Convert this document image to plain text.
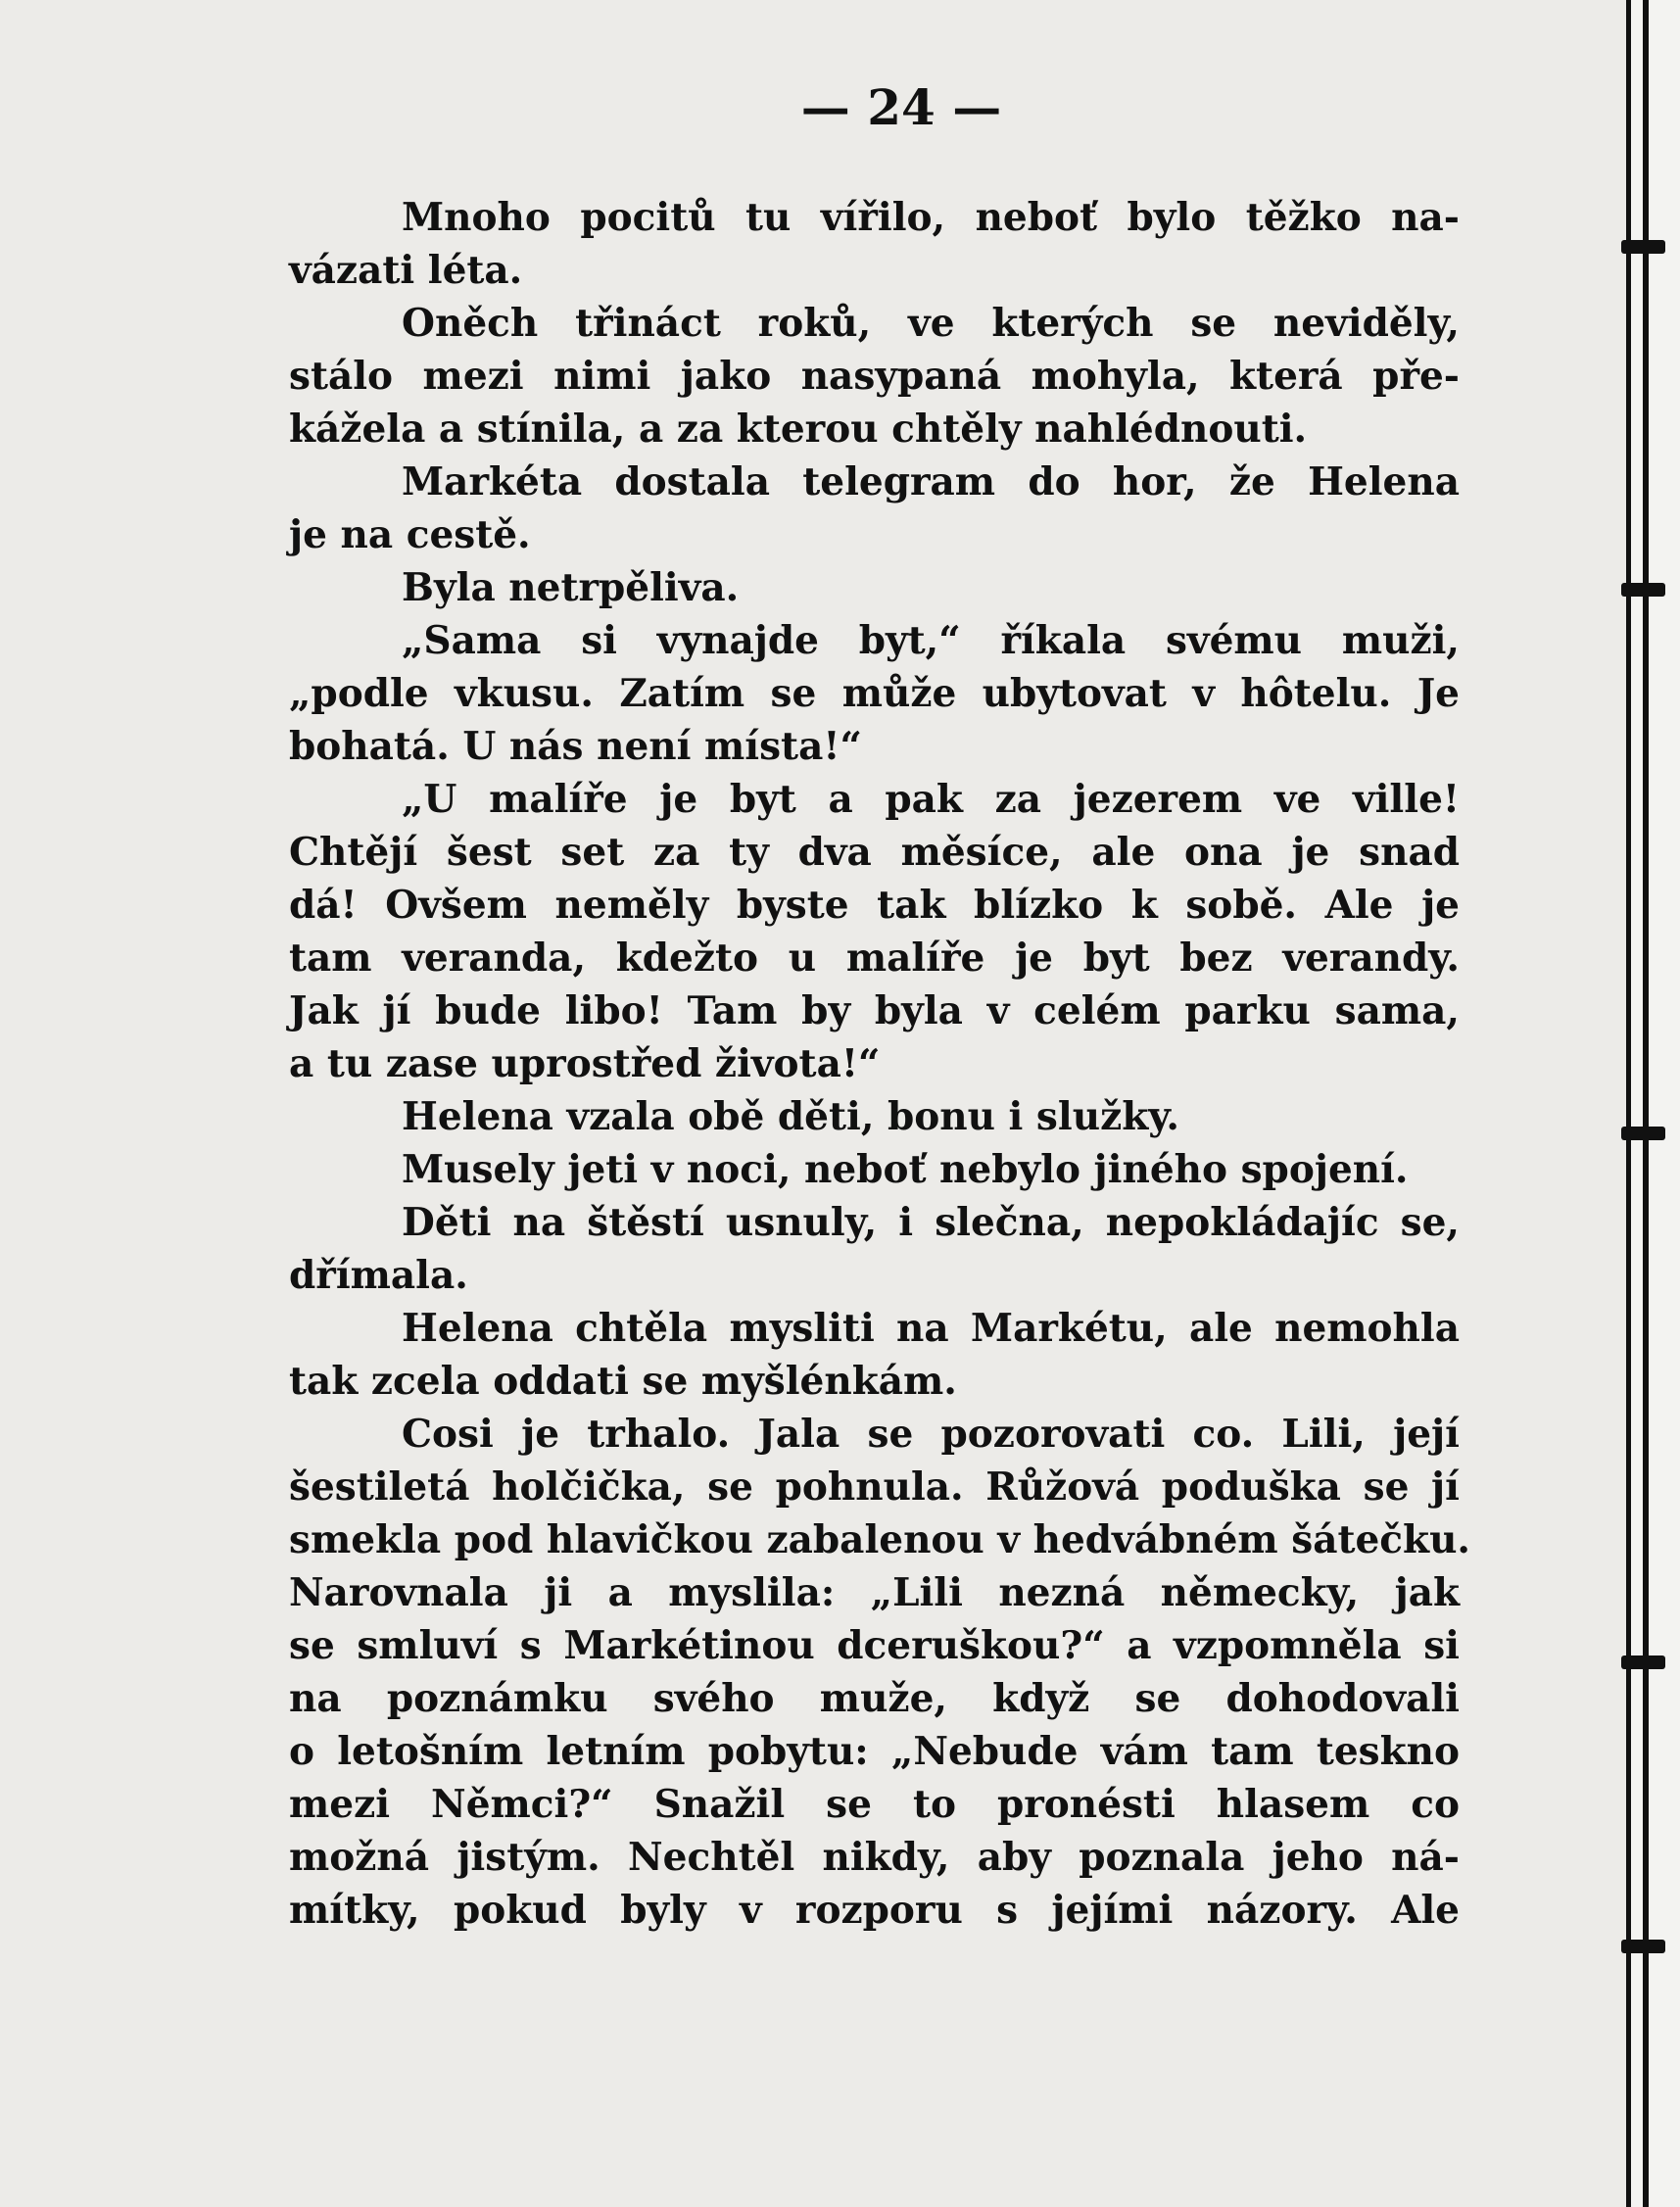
— 24 —
Mnoho pocitů tu vířilo, neboť bylo těžko na-
vázati léta.
Oněch třináct roků, ve kterých se neviděly,
stálo mezi nimi jako nasypaná mohyla, která pře-
kážela a stínila, a za kterou chtěly nahlédnouti.
Markéta dostala telegram do hor, že Helena
je na cestě.
Byla netrpěliva.
„Sama si vynajde byt,“ říkala svému muži,
„podle vkusu. Zatím se může ubytovat v hôtelu. Je
bohatá. U nás není místa!“
„U malíře je byt a pak za jezerem ve ville!
Chtějí šest set za ty dva měsíce, ale ona je snad
dá! Ovšem neměly byste tak blízko k sobě. Ale je
tam veranda, kdežto u malíře je byt bez verandy.
Jak jí bude libo! Tam by byla v celém parku sama,
a tu zase uprostřed života!“
Helena vzala obě děti, bonu i služky.
Musely jeti v noci, neboť nebylo jiného spojení.
Děti na štěstí usnuly, i slečna, nepokládajíc se,
dřímala.
Helena chtěla mysliti na Markétu, ale nemohla
tak zcela oddati se myšlénkám.
Cosi je trhalo. Jala se pozorovati co. Lili, její
šestiletá holčička, se pohnula. Růžová poduška se jí
smekla pod hlavičkou zabalenou v hedvábném šátečku.
Narovnala ji a myslila: „Lili nezná německy, jak
se smluví s Markétinou dceruškou?“ a vzpomněla si
na poznámku svého muže, když se dohodovali
o letošním letním pobytu: „Nebude vám tam teskno
mezi Němci?“ Snažil se to pronésti hlasem co
možná jistým. Nechtěl nikdy, aby poznala jeho ná-
mítky, pokud byly v rozporu s jejími názory. Ale
